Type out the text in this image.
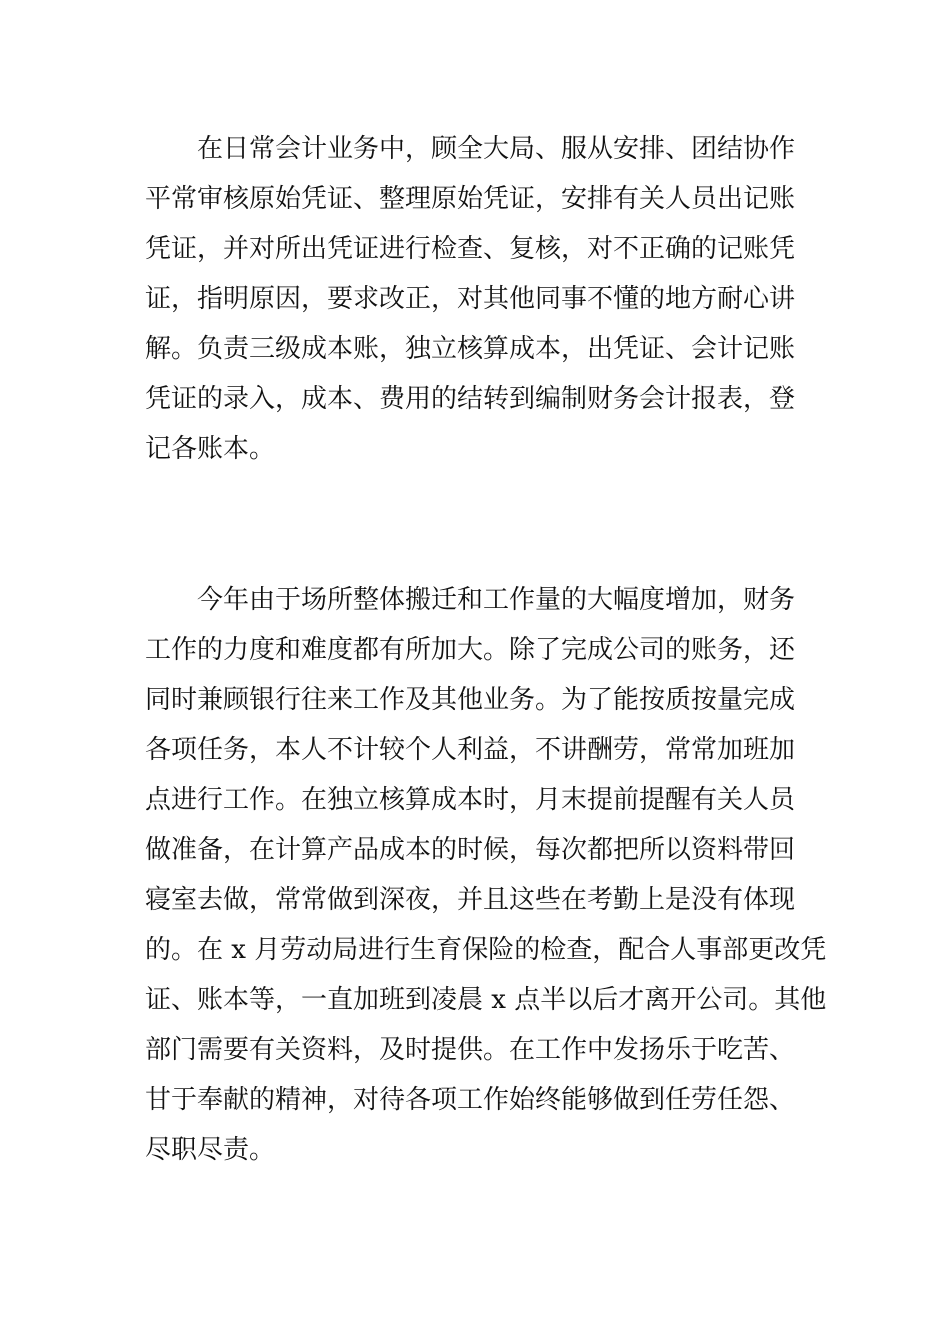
在日常会计业务中，顾全大局、服从安排、团结协作
平常审核原始凭证、整理原始凭证，安排有关人员出记账
凭证，并对所出凭证进行检查、复核，对不正确的记账凭
证，指明原因，要求改正，对其他同事不懂的地方耐心讲
解。负责三级成本账，独立核算成本，出凭证、会计记账
凭证的录入，成本、费用的结转到编制财务会计报表，登
记各账本。
今年由于场所整体搬迁和工作量的大幅度增加，财务
工作的力度和难度都有所加大。除了完成公司的账务，还
同时兼顾银行往来工作及其他业务。为了能按质按量完成
各项任务，本人不计较个人利益，不讲酬劳，常常加班加
点进行工作。在独立核算成本时，月末提前提醒有关人员
做准备，在计算产品成本的时候，每次都把所以资料带回
寝室去做，常常做到深夜，并且这些在考勤上是没有体现
的。在 x 月劳动局进行生育保险的检查，配合人事部更改凭
证、账本等，一直加班到凌晨 x 点半以后才离开公司。其他
部门需要有关资料，及时提供。在工作中发扬乐于吃苦、
甘于奉献的精神，对待各项工作始终能够做到任劳任怨、
尽职尽责。
